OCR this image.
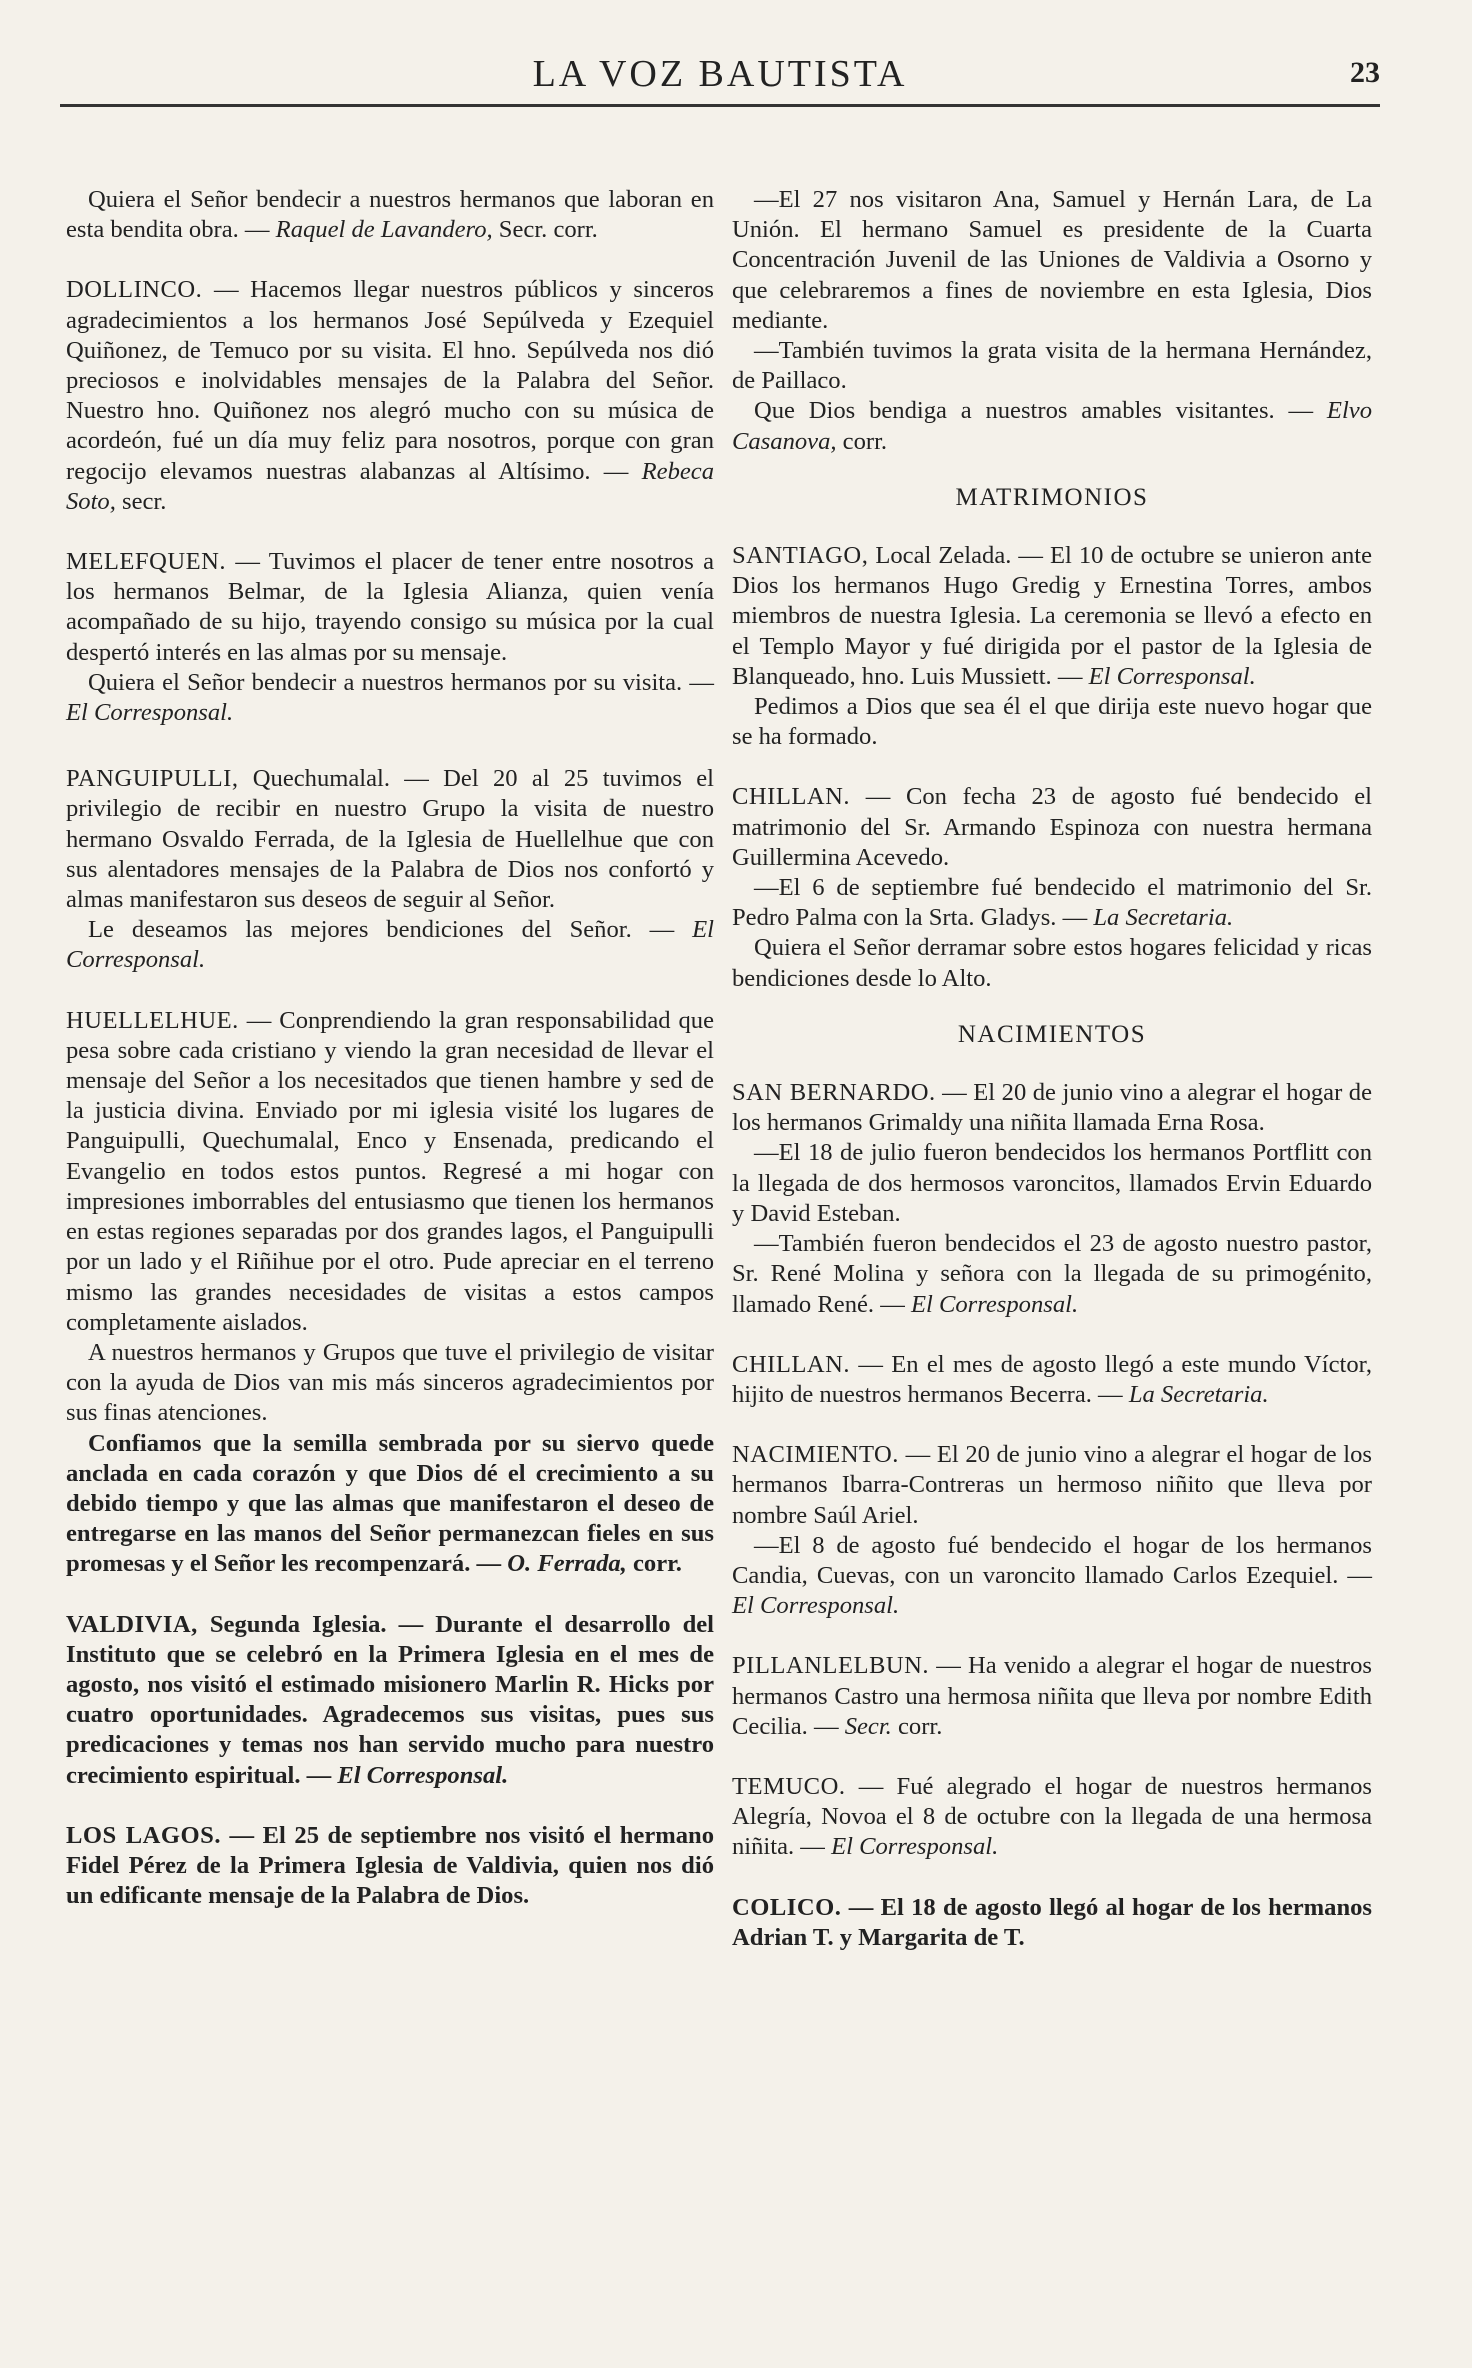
LA VOZ BAUTISTA	23

Quiera el Señor bendecir a nuestros hermanos que laboran en esta bendita obra. — Raquel de Lavandero, Secr. corr.

DOLLINCO. — Hacemos llegar nuestros públicos y sinceros agradecimientos a los hermanos José Sepúlveda y Ezequiel Quiñonez, de Temuco por su visita. El hno. Sepúlveda nos dió preciosos e inolvidables mensajes de la Palabra del Señor. Nuestro hno. Quiñonez nos alegró mucho con su música de acordeón, fué un día muy feliz para nosotros, porque con gran regocijo elevamos nuestras alabanzas al Altísimo. — Rebeca Soto, secr.

MELEFQUEN. — Tuvimos el placer de tener entre nosotros a los hermanos Belmar, de la Iglesia Alianza, quien venía acompañado de su hijo, trayendo consigo su música por la cual despertó interés en las almas por su mensaje.

Quiera el Señor bendecir a nuestros hermanos por su visita. — El Corresponsal.

PANGUIPULLI, Quechumalal. — Del 20 al 25 tuvimos el privilegio de recibir en nuestro Grupo la visita de nuestro hermano Osvaldo Ferrada, de la Iglesia de Huellelhue que con sus alentadores mensajes de la Palabra de Dios nos confortó y almas manifestaron sus deseos de seguir al Señor.

Le deseamos las mejores bendiciones del Señor. — El Corresponsal.

HUELLELHUE. — Conprendiendo la gran responsabilidad que pesa sobre cada cristiano y viendo la gran necesidad de llevar el mensaje del Señor a los necesitados que tienen hambre y sed de la justicia divina. Enviado por mi iglesia visité los lugares de Panguipulli, Quechumalal, Enco y Ensenada, predicando el Evangelio en todos estos puntos. Regresé a mi hogar con impresiones imborrables del entusiasmo que tienen los hermanos en estas regiones separadas por dos grandes lagos, el Panguipulli por un lado y el Riñihue por el otro. Pude apreciar en el terreno mismo las grandes necesidades de visitas a estos campos completamente aislados.

A nuestros hermanos y Grupos que tuve el privilegio de visitar con la ayuda de Dios van mis más sinceros agradecimientos por sus finas atenciones.

Confiamos que la semilla sembrada por su siervo quede anclada en cada corazón y que Dios dé el crecimiento a su debido tiempo y que las almas que manifestaron el deseo de entregarse en las manos del Señor permanezcan fieles en sus promesas y el Señor les recompenzará. — O. Ferrada, corr.

VALDIVIA, Segunda Iglesia. — Durante el desarrollo del Instituto que se celebró en la Primera Iglesia en el mes de agosto, nos visitó el estimado misionero Marlin R. Hicks por cuatro oportunidades. Agradecemos sus visitas, pues sus predicaciones y temas nos han servido mucho para nuestro crecimiento espiritual. — El Corresponsal.

LOS LAGOS. — El 25 de septiembre nos visitó el hermano Fidel Pérez de la Primera Iglesia de Valdivia, quien nos dió un edificante mensaje de la Palabra de Dios.

—El 27 nos visitaron Ana, Samuel y Hernán Lara, de La Unión. El hermano Samuel es presidente de la Cuarta Concentración Juvenil de las Uniones de Valdivia a Osorno y que celebraremos a fines de noviembre en esta Iglesia, Dios mediante.

—También tuvimos la grata visita de la hermana Hernández, de Paillaco.

Que Dios bendiga a nuestros amables visitantes. — Elvo Casanova, corr.

MATRIMONIOS

SANTIAGO, Local Zelada. — El 10 de octubre se unieron ante Dios los hermanos Hugo Gredig y Ernestina Torres, ambos miembros de nuestra Iglesia. La ceremonia se llevó a efecto en el Templo Mayor y fué dirigida por el pastor de la Iglesia de Blanqueado, hno. Luis Mussiett. — El Corresponsal.

Pedimos a Dios que sea él el que dirija este nuevo hogar que se ha formado.

CHILLAN. — Con fecha 23 de agosto fué bendecido el matrimonio del Sr. Armando Espinoza con nuestra hermana Guillermina Acevedo.

—El 6 de septiembre fué bendecido el matrimonio del Sr. Pedro Palma con la Srta. Gladys. — La Secretaria.

Quiera el Señor derramar sobre estos hogares felicidad y ricas bendiciones desde lo Alto.

NACIMIENTOS

SAN BERNARDO. — El 20 de junio vino a alegrar el hogar de los hermanos Grimaldy una niñita llamada Erna Rosa.

—El 18 de julio fueron bendecidos los hermanos Portflitt con la llegada de dos hermosos varoncitos, llamados Ervin Eduardo y David Esteban.

—También fueron bendecidos el 23 de agosto nuestro pastor, Sr. René Molina y señora con la llegada de su primogénito, llamado René. — El Corresponsal.

CHILLAN. — En el mes de agosto llegó a este mundo Víctor, hijito de nuestros hermanos Becerra. — La Secretaria.

NACIMIENTO. — El 20 de junio vino a alegrar el hogar de los hermanos Ibarra-Contreras un hermoso niñito que lleva por nombre Saúl Ariel.

—El 8 de agosto fué bendecido el hogar de los hermanos Candia, Cuevas, con un varoncito llamado Carlos Ezequiel. — El Corresponsal.

PILLANLELBUN. — Ha venido a alegrar el hogar de nuestros hermanos Castro una hermosa niñita que lleva por nombre Edith Cecilia. — Secr. corr.

TEMUCO. — Fué alegrado el hogar de nuestros hermanos Alegría, Novoa el 8 de octubre con la llegada de una hermosa niñita. — El Corresponsal.

COLICO. — El 18 de agosto llegó al hogar de los hermanos Adrian T. y Margarita de T.
